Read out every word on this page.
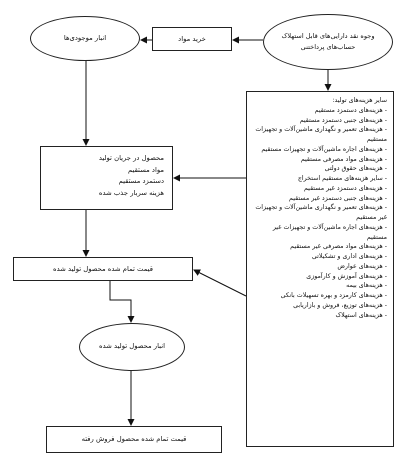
وجوه نقد دارایی‌های قابل استهلاک حساب‌های پرداختنی
انبار موجودی‌ها	خرید مواد
محصول در جریان تولید
مواد مستقیم
دستمزد مستقیم
هزینه سربار جذب شده
سایر هزینه‌های تولید:
- هزینه‌های دستمزد مستقیم
- هزینه‌های جنبی دستمزد مستقیم
- هزینه‌های تعمیر و نگهداری ماشین‌آلات و تجهیزات مستقیم
- هزینه‌های اجاره ماشین‌آلات و تجهیزات مستقیم
- هزینه‌های مواد مصرفی مستقیم
- هزینه‌های حقوق دولتی
- سایر هزینه‌های مستقیم استخراج
- هزینه‌های دستمزد غیر مستقیم
- هزینه‌های جنبی دستمزد غیر مستقیم
- هزینه‌های تعمیر و نگهداری ماشین‌آلات و تجهیزات غیر مستقیم
- هزینه‌های اجاره ماشین‌آلات و تجهیزات غیر مستقیم
- هزینه‌های مواد مصرفی غیر مستقیم
- هزینه‌های اداری و تشکیلاتی
- هزینه‌های عوارض
- هزینه‌های آموزش و کارآموزی
- هزینه‌های بیمه
- هزینه‌های کارمزد و بهره تسهیلات بانکی
- هزینه‌های توزیع، فروش و بازاریابی
- هزینه‌های استهلاک
قیمت تمام شده محصول تولید شده
انبار محصول تولید شده
قیمت تمام شده محصول فروش رفته
